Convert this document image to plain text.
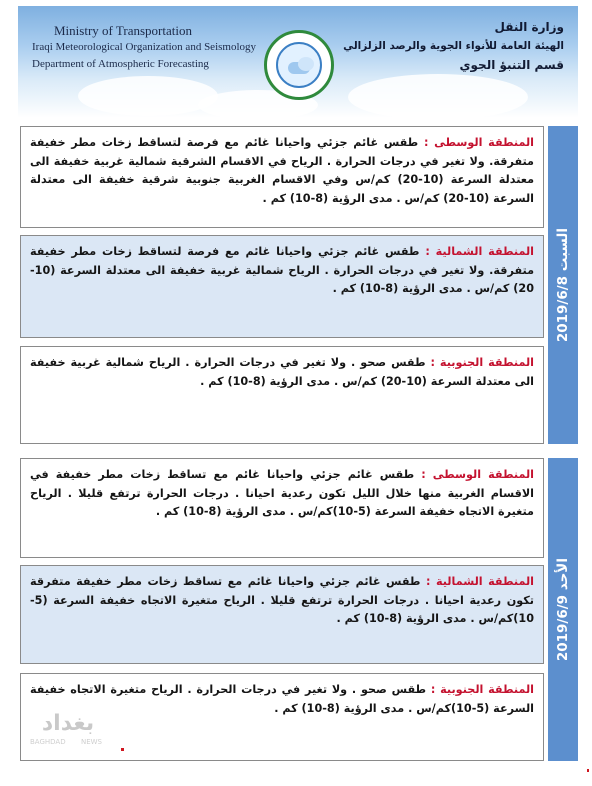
Ministry of Transportation
Iraqi Meteorological Organization and Seismology
Department of Atmospheric Forecasting
وزارة النقل
الهيئة العامة للأنواء الجوية والرصد الزلزالي
قسم التنبؤ الجوي
المنطقة الوسطى : طقس غائم جزئي واحيانا غائم مع فرصة لتساقط زخات مطر خفيفة متفرقة. ولا تغير في درجات الحرارة . الرياح في الاقسام الشرقية شمالية غربية خفيفة الى معتدلة السرعة (10-20) كم/س وفي الاقسام الغربية جنوبية شرقية خفيفة الى معتدلة السرعة (10-20) كم/س . مدى الرؤية (8-10) كم .
المنطقة الشمالية : طقس غائم جزئي واحيانا غائم مع فرصة لتساقط زخات مطر خفيفة متفرقة. ولا تغير في درجات الحرارة . الرياح شمالية غربية خفيفة الى معتدلة السرعة (10-20) كم/س . مدى الرؤية (8-10) كم .
المنطقة الجنوبية : طقس صحو . ولا تغير في درجات الحرارة . الرياح شمالية غربية خفيفة الى معتدلة السرعة (10-20) كم/س . مدى الرؤية (8-10) كم .
2019/6/8 السبت
المنطقة الوسطى : طقس غائم جزئي واحيانا غائم مع تساقط زخات مطر خفيفة في الاقسام الغربية منها خلال الليل تكون رعدية احيانا . درجات الحرارة ترتفع قليلا . الرياح متغيرة الاتجاه خفيفة السرعة (5-10)كم/س . مدى الرؤية (8-10) كم .
المنطقة الشمالية : طقس غائم جزئي واحيانا غائم مع تساقط زخات مطر خفيفة متفرقة تكون رعدية احيانا . درجات الحرارة ترتفع قليلا . الرياح متغيرة الاتجاه خفيفة السرعة (5-10)كم/س . مدى الرؤية (8-10) كم .
المنطقة الجنوبية : طقس صحو . ولا تغير في درجات الحرارة . الرياح متغيرة الاتجاه خفيفة السرعة (5-10)كم/س . مدى الرؤية (8-10) كم .
2019/6/9 الأحد
بغداد
BAGHDAD NEWS
